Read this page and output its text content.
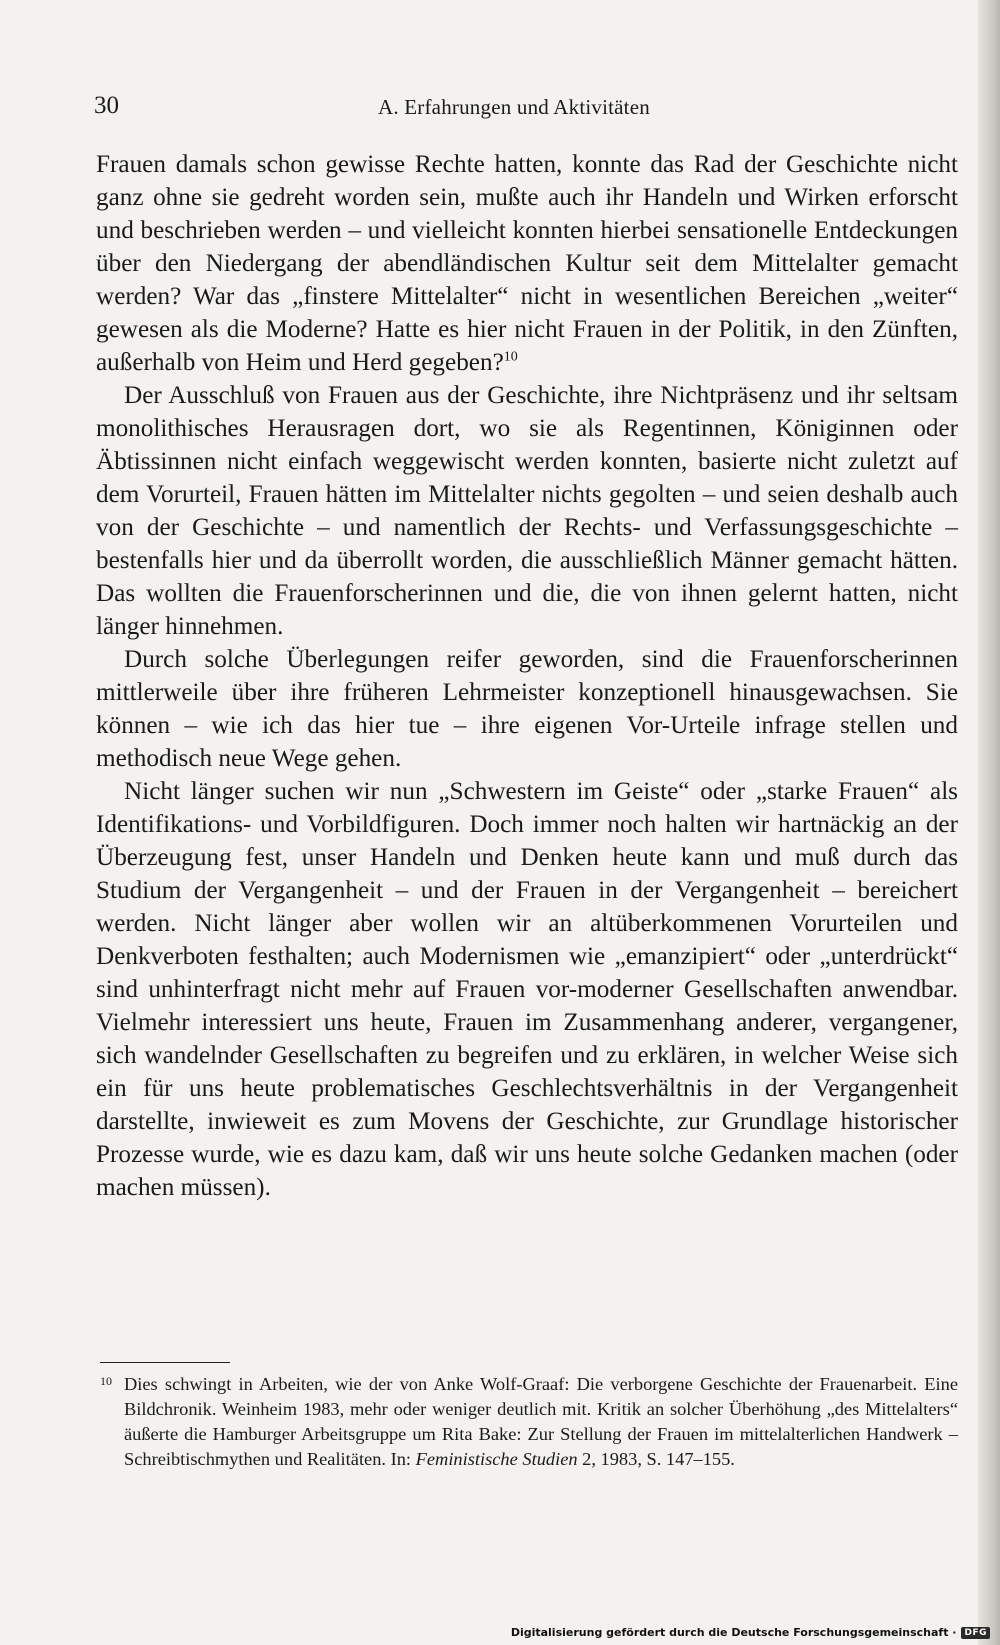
30	A. Erfahrungen und Aktivitäten

Frauen damals schon gewisse Rechte hatten, konnte das Rad der Geschichte nicht ganz ohne sie gedreht worden sein, mußte auch ihr Handeln und Wirken erforscht und beschrieben werden – und vielleicht konnten hierbei sensationelle Entdeckungen über den Niedergang der abendländischen Kultur seit dem Mittelalter gemacht werden? War das „finstere Mittelalter“ nicht in wesentlichen Bereichen „weiter“ gewesen als die Moderne? Hatte es hier nicht Frauen in der Politik, in den Zünften, außerhalb von Heim und Herd gegeben?$^{10}$

Der Ausschluß von Frauen aus der Geschichte, ihre Nichtpräsenz und ihr seltsam monolithisches Herausragen dort, wo sie als Regentinnen, Königinnen oder Äbtissinnen nicht einfach weggewischt werden konnten, basierte nicht zuletzt auf dem Vorurteil, Frauen hätten im Mittelalter nichts gegolten – und seien deshalb auch von der Geschichte – und namentlich der Rechts- und Verfassungsgeschichte – bestenfalls hier und da überrollt worden, die ausschließlich Männer gemacht hätten. Das wollten die Frauenforscherinnen und die, die von ihnen gelernt hatten, nicht länger hinnehmen.

Durch solche Überlegungen reifer geworden, sind die Frauenforscherinnen mittlerweile über ihre früheren Lehrmeister konzeptionell hinausgewachsen. Sie können – wie ich das hier tue – ihre eigenen Vor-Urteile infrage stellen und methodisch neue Wege gehen.

Nicht länger suchen wir nun „Schwestern im Geiste“ oder „starke Frauen“ als Identifikations- und Vorbildfiguren. Doch immer noch halten wir hartnäckig an der Überzeugung fest, unser Handeln und Denken heute kann und muß durch das Studium der Vergangenheit – und der Frauen in der Vergangenheit – bereichert werden. Nicht länger aber wollen wir an altüberkommenen Vorurteilen und Denkverboten festhalten; auch Modernismen wie „emanzipiert“ oder „unterdrückt“ sind unhinterfragt nicht mehr auf Frauen vor-moderner Gesellschaften anwendbar. Vielmehr interessiert uns heute, Frauen im Zusammenhang anderer, vergangener, sich wandelnder Gesellschaften zu begreifen und zu erklären, in welcher Weise sich ein für uns heute problematisches Geschlechtsverhältnis in der Vergangenheit darstellte, inwieweit es zum Movens der Geschichte, zur Grundlage historischer Prozesse wurde, wie es dazu kam, daß wir uns heute solche Gedanken machen (oder machen müssen).

10 Dies schwingt in Arbeiten, wie der von Anke Wolf-Graaf: Die verborgene Geschichte der Frauenarbeit. Eine Bildchronik. Weinheim 1983, mehr oder weniger deutlich mit. Kritik an solcher Überhöhung „des Mittelalters“ äußerte die Hamburger Arbeitsgruppe um Rita Bake: Zur Stellung der Frauen im mittelalterlichen Handwerk – Schreibtischmythen und Realitäten. In: Feministische Studien 2, 1983, S. 147–155.
Digitalisierung gefördert durch die Deutsche Forschungsgemeinschaft · DFG
